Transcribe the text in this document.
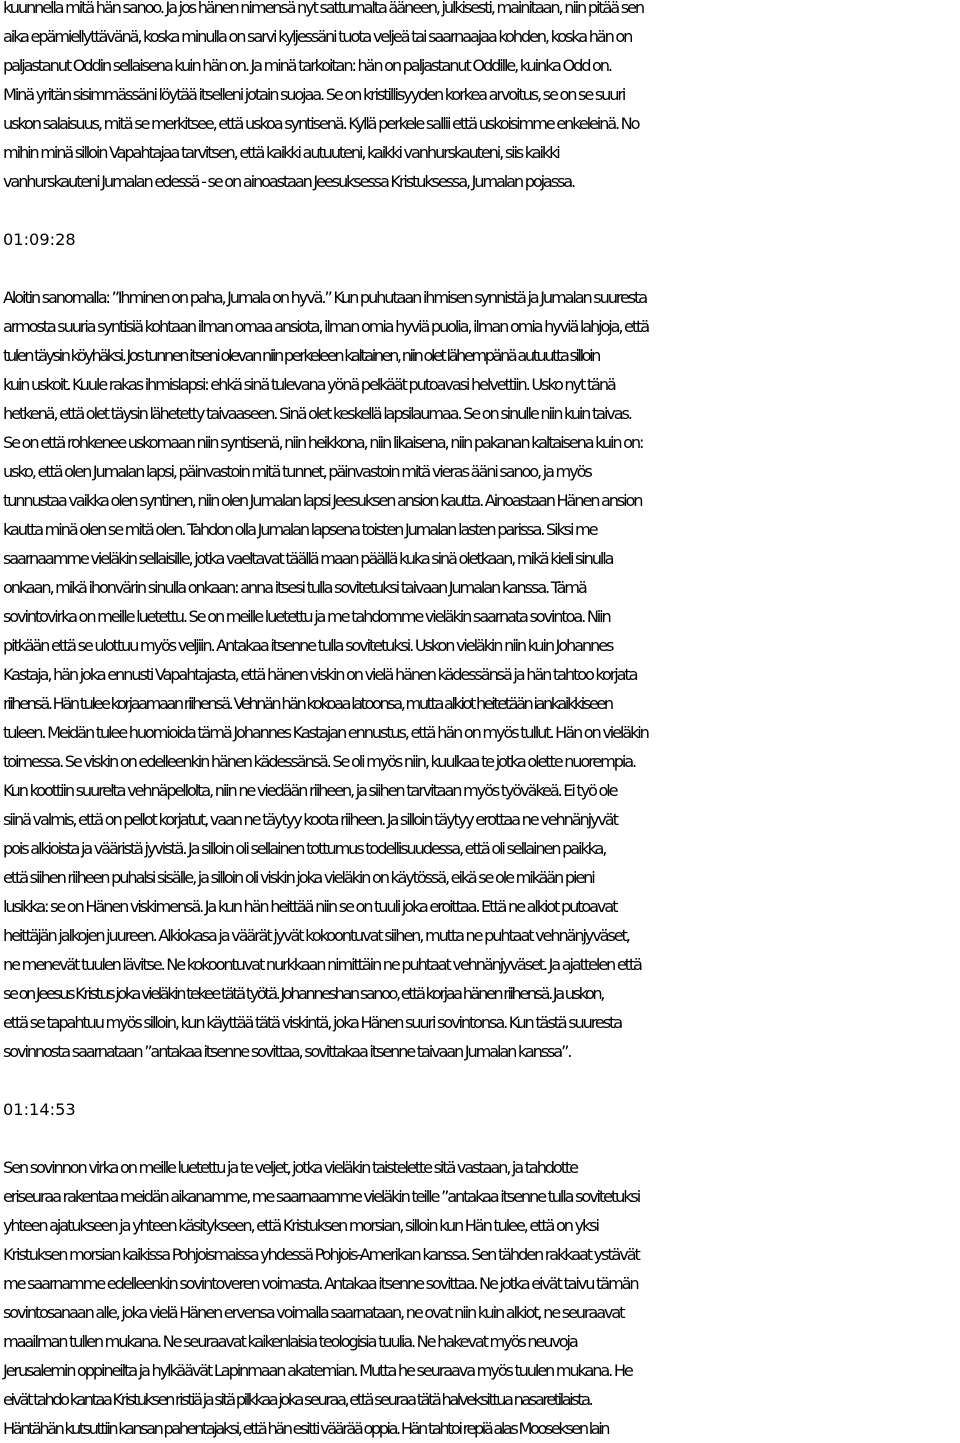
kuunnella mitä hän sanoo. Ja jos hänen nimensä nyt sattumalta ääneen, julkisesti, mainitaan, niin pitää sen
aika epämiellyttävänä, koska minulla on sarvi kyljessäni tuota veljeä tai saarnaajaa kohden, koska hän on
paljastanut Oddin sellaisena kuin hän on. Ja minä tarkoitan: hän on paljastanut Oddille, kuinka Odd on.
Minä yritän sisimmässäni löytää itselleni jotain suojaa. Se on kristillisyyden korkea arvoitus, se on se suuri
uskon salaisuus, mitä se merkitsee, että uskoa syntisenä. Kyllä perkele sallii että uskoisimme enkeleinä. No
mihin minä silloin Vapahtajaa tarvitsen, että kaikki autuuteni, kaikki vanhurskauteni, siis kaikki
vanhurskauteni Jumalan edessä - se on ainoastaan Jeesuksessa Kristuksessa, Jumalan pojassa.

01:09:28

Aloitin sanomalla: ”Ihminen on paha, Jumala on hyvä.” Kun puhutaan ihmisen synnistä ja Jumalan suuresta
armosta suuria syntisiä kohtaan ilman omaa ansiota, ilman omia hyviä puolia, ilman omia hyviä lahjoja, että
tulen täysin köyhäksi. Jos tunnen itseni olevan niin perkeleen kaltainen, niin olet lähempänä autuutta silloin
kuin uskoit. Kuule rakas ihmislapsi: ehkä sinä tulevana yönä pelkäät putoavasi helvettiin. Usko nyt tänä
hetkenä, että olet täysin lähetetty taivaaseen. Sinä olet keskellä lapsilaumaa. Se on sinulle niin kuin taivas.
Se on että rohkenee uskomaan niin syntisenä, niin heikkona, niin likaisena, niin pakanan kaltaisena kuin on:
usko, että olen Jumalan lapsi, päinvastoin mitä tunnet, päinvastoin mitä vieras ääni sanoo, ja myös
tunnustaa vaikka olen syntinen, niin olen Jumalan lapsi Jeesuksen ansion kautta. Ainoastaan Hänen ansion
kautta minä olen se mitä olen. Tahdon olla Jumalan lapsena toisten Jumalan lasten parissa. Siksi me
saarnaamme vieläkin sellaisille, jotka vaeltavat täällä maan päällä kuka sinä oletkaan, mikä kieli sinulla
onkaan, mikä ihonvärin sinulla onkaan: anna itsesi tulla sovitetuksi taivaan Jumalan kanssa. Tämä
sovintovirka on meille luetettu. Se on meille luetettu ja me tahdomme vieläkin saarnata sovintoa. Niin
pitkään että se ulottuu myös veljiin. Antakaa itsenne tulla sovitetuksi. Uskon vieläkin niin kuin Johannes
Kastaja, hän joka ennusti Vapahtajasta, että hänen viskin on vielä hänen kädessänsä ja hän tahtoo korjata
riihensä. Hän tulee korjaamaan riihensä. Vehnän hän kokoaa latoonsa, mutta alkiot heitetään iankaikkiseen
tuleen. Meidän tulee huomioida tämä Johannes Kastajan ennustus, että hän on myös tullut. Hän on vieläkin
toimessa. Se viskin on edelleenkin hänen kädessänsä. Se oli myös niin, kuulkaa te jotka olette nuorempia.
Kun koottiin suurelta vehnäpellolta, niin ne viedään riiheen, ja siihen tarvitaan myös työväkeä. Ei työ ole
siinä valmis, että on pellot korjatut, vaan ne täytyy koota riiheen. Ja silloin täytyy erottaa ne vehnänjyvät
pois alkioista ja vääristä jyvistä. Ja silloin oli sellainen tottumus todellisuudessa, että oli sellainen paikka,
että siihen riiheen puhalsi sisälle, ja silloin oli viskin joka vieläkin on käytössä, eikä se ole mikään pieni
lusikka: se on Hänen viskimensä. Ja kun hän heittää niin se on tuuli joka eroittaa. Että ne alkiot putoavat
heittäjän jalkojen juureen. Alkiokasa ja väärät jyvät kokoontuvat siihen, mutta ne puhtaat vehnänjyväset,
ne menevät tuulen lävitse. Ne kokoontuvat nurkkaan nimittäin ne puhtaat vehnänjyväset. Ja ajattelen että
se on Jeesus Kristus joka vieläkin tekee tätä työtä. Johanneshan sanoo, että korjaa hänen riihensä. Ja uskon,
että se tapahtuu myös silloin, kun käyttää tätä viskintä, joka Hänen suuri sovintonsa. Kun tästä suuresta
sovinnosta saarnataan ”antakaa itsenne sovittaa, sovittakaa itsenne taivaan Jumalan kanssa”.

01:14:53

Sen sovinnon virka on meille luetettu ja te veljet, jotka vieläkin taistelette sitä vastaan, ja tahdotte
eriseuraa rakentaa meidän aikanamme, me saarnaamme vieläkin teille ”antakaa itsenne tulla sovitetuksi
yhteen ajatukseen ja yhteen käsitykseen, että Kristuksen morsian, silloin kun Hän tulee, että on yksi
Kristuksen morsian kaikissa Pohjoismaissa yhdessä Pohjois-Amerikan kanssa. Sen tähden rakkaat ystävät
me saarnamme edelleenkin sovintoveren voimasta. Antakaa itsenne sovittaa. Ne jotka eivät taivu tämän
sovintosanaan alle, joka vielä Hänen ervensa voimalla saarnataan, ne ovat niin kuin alkiot, ne seuraavat
maailman tullen mukana. Ne seuraavat kaikenlaisia teologisia tuulia. Ne hakevat myös neuvoja
Jerusalemin oppineilta ja hylkäävät Lapinmaan akatemian. Mutta he seuraava myös tuulen mukana. He
eivät tahdo kantaa Kristuksen ristiä ja sitä pilkkaa joka seuraa, että seuraa tätä halveksittua nasaretilaista.
Häntähän kutsuttiin kansan pahentajaksi, että hän esitti väärää oppia. Hän tahtoi repiä alas Mooseksen lain
